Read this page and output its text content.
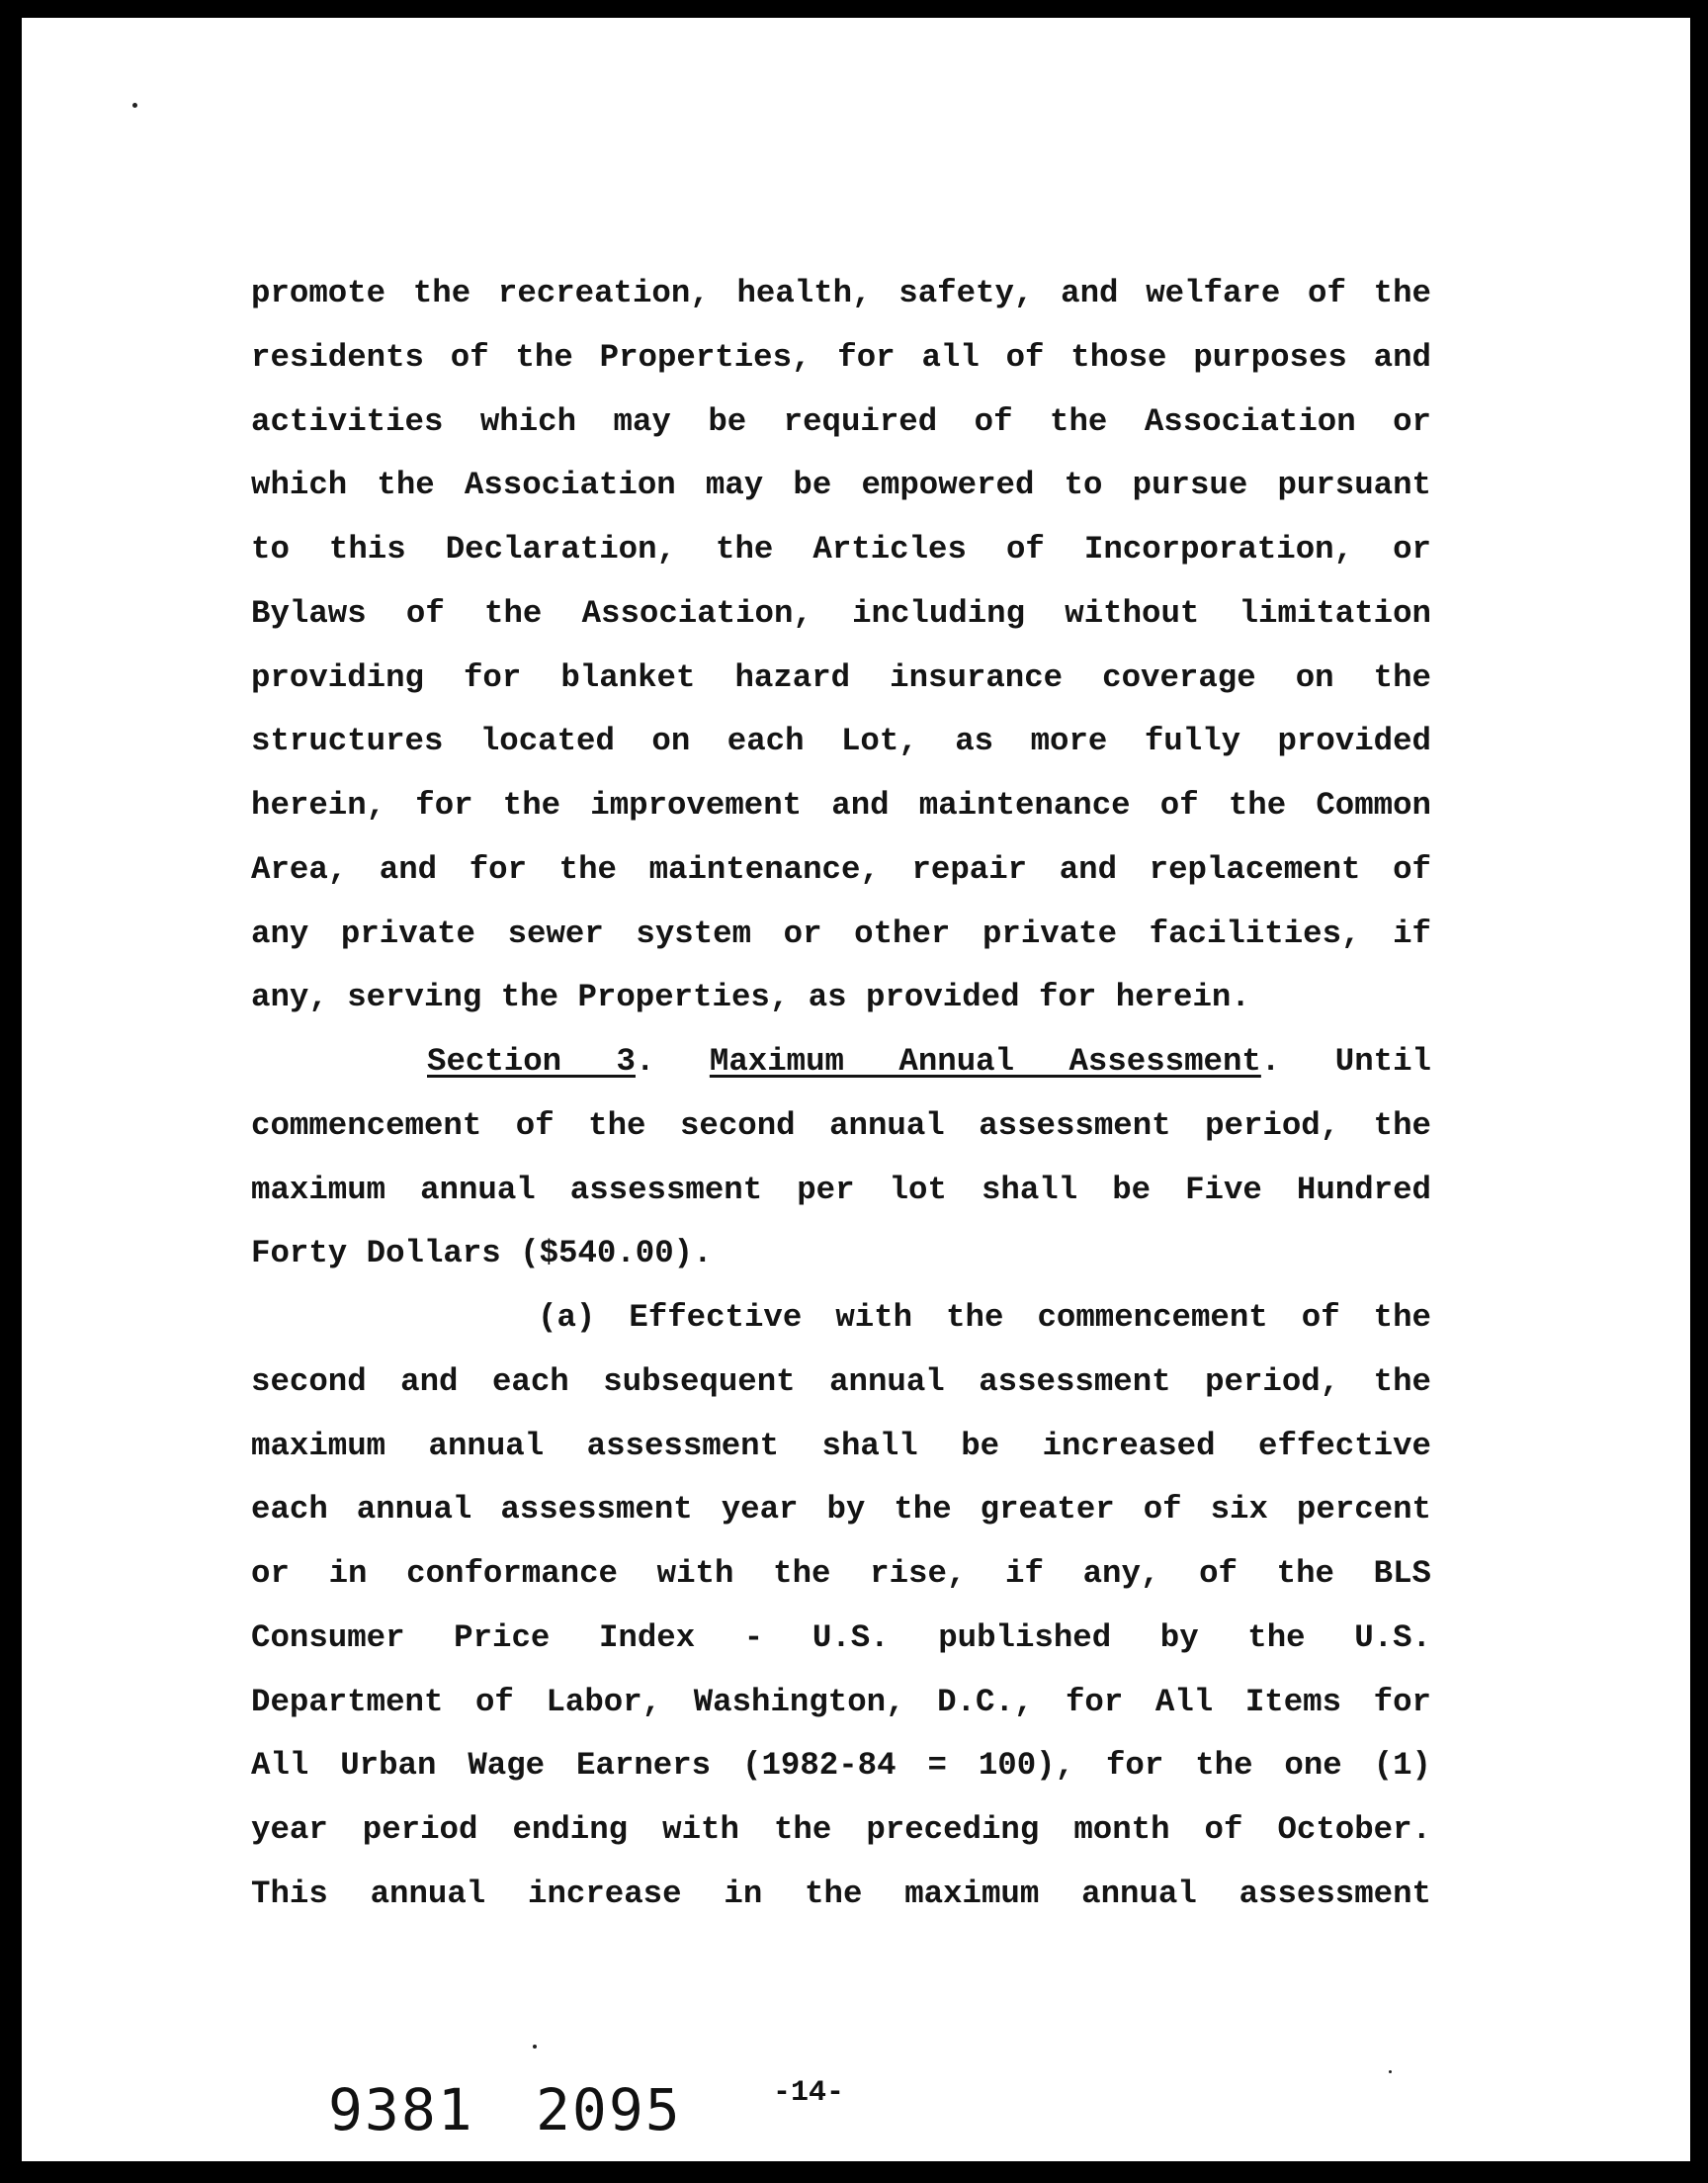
promote the recreation, health, safety, and welfare of the
residents of the Properties, for all of those purposes and
activities which may be required of the Association or
which the Association may be empowered to pursue pursuant
to this Declaration, the Articles of Incorporation, or
Bylaws of the Association, including without limitation
providing for blanket hazard insurance coverage on the
structures located on each Lot, as more fully provided
herein, for the improvement and maintenance of the Common
Area, and for the maintenance, repair and replacement of
any private sewer system or other private facilities, if
any, serving the Properties, as provided for herein.
Section 3. Maximum Annual Assessment. Until
commencement of the second annual assessment period, the
maximum annual assessment per lot shall be Five Hundred
Forty Dollars ($540.00).
(a) Effective with the commencement of the
second and each subsequent annual assessment period, the
maximum annual assessment shall be increased effective
each annual assessment year by the greater of six percent
or in conformance with the rise, if any, of the BLS
Consumer Price Index - U.S. published by the U.S.
Department of Labor, Washington, D.C., for All Items for
All Urban Wage Earners (1982-84 = 100), for the one (1)
year period ending with the preceding month of October.
This annual increase in the maximum annual assessment
9381 2095	-14-
